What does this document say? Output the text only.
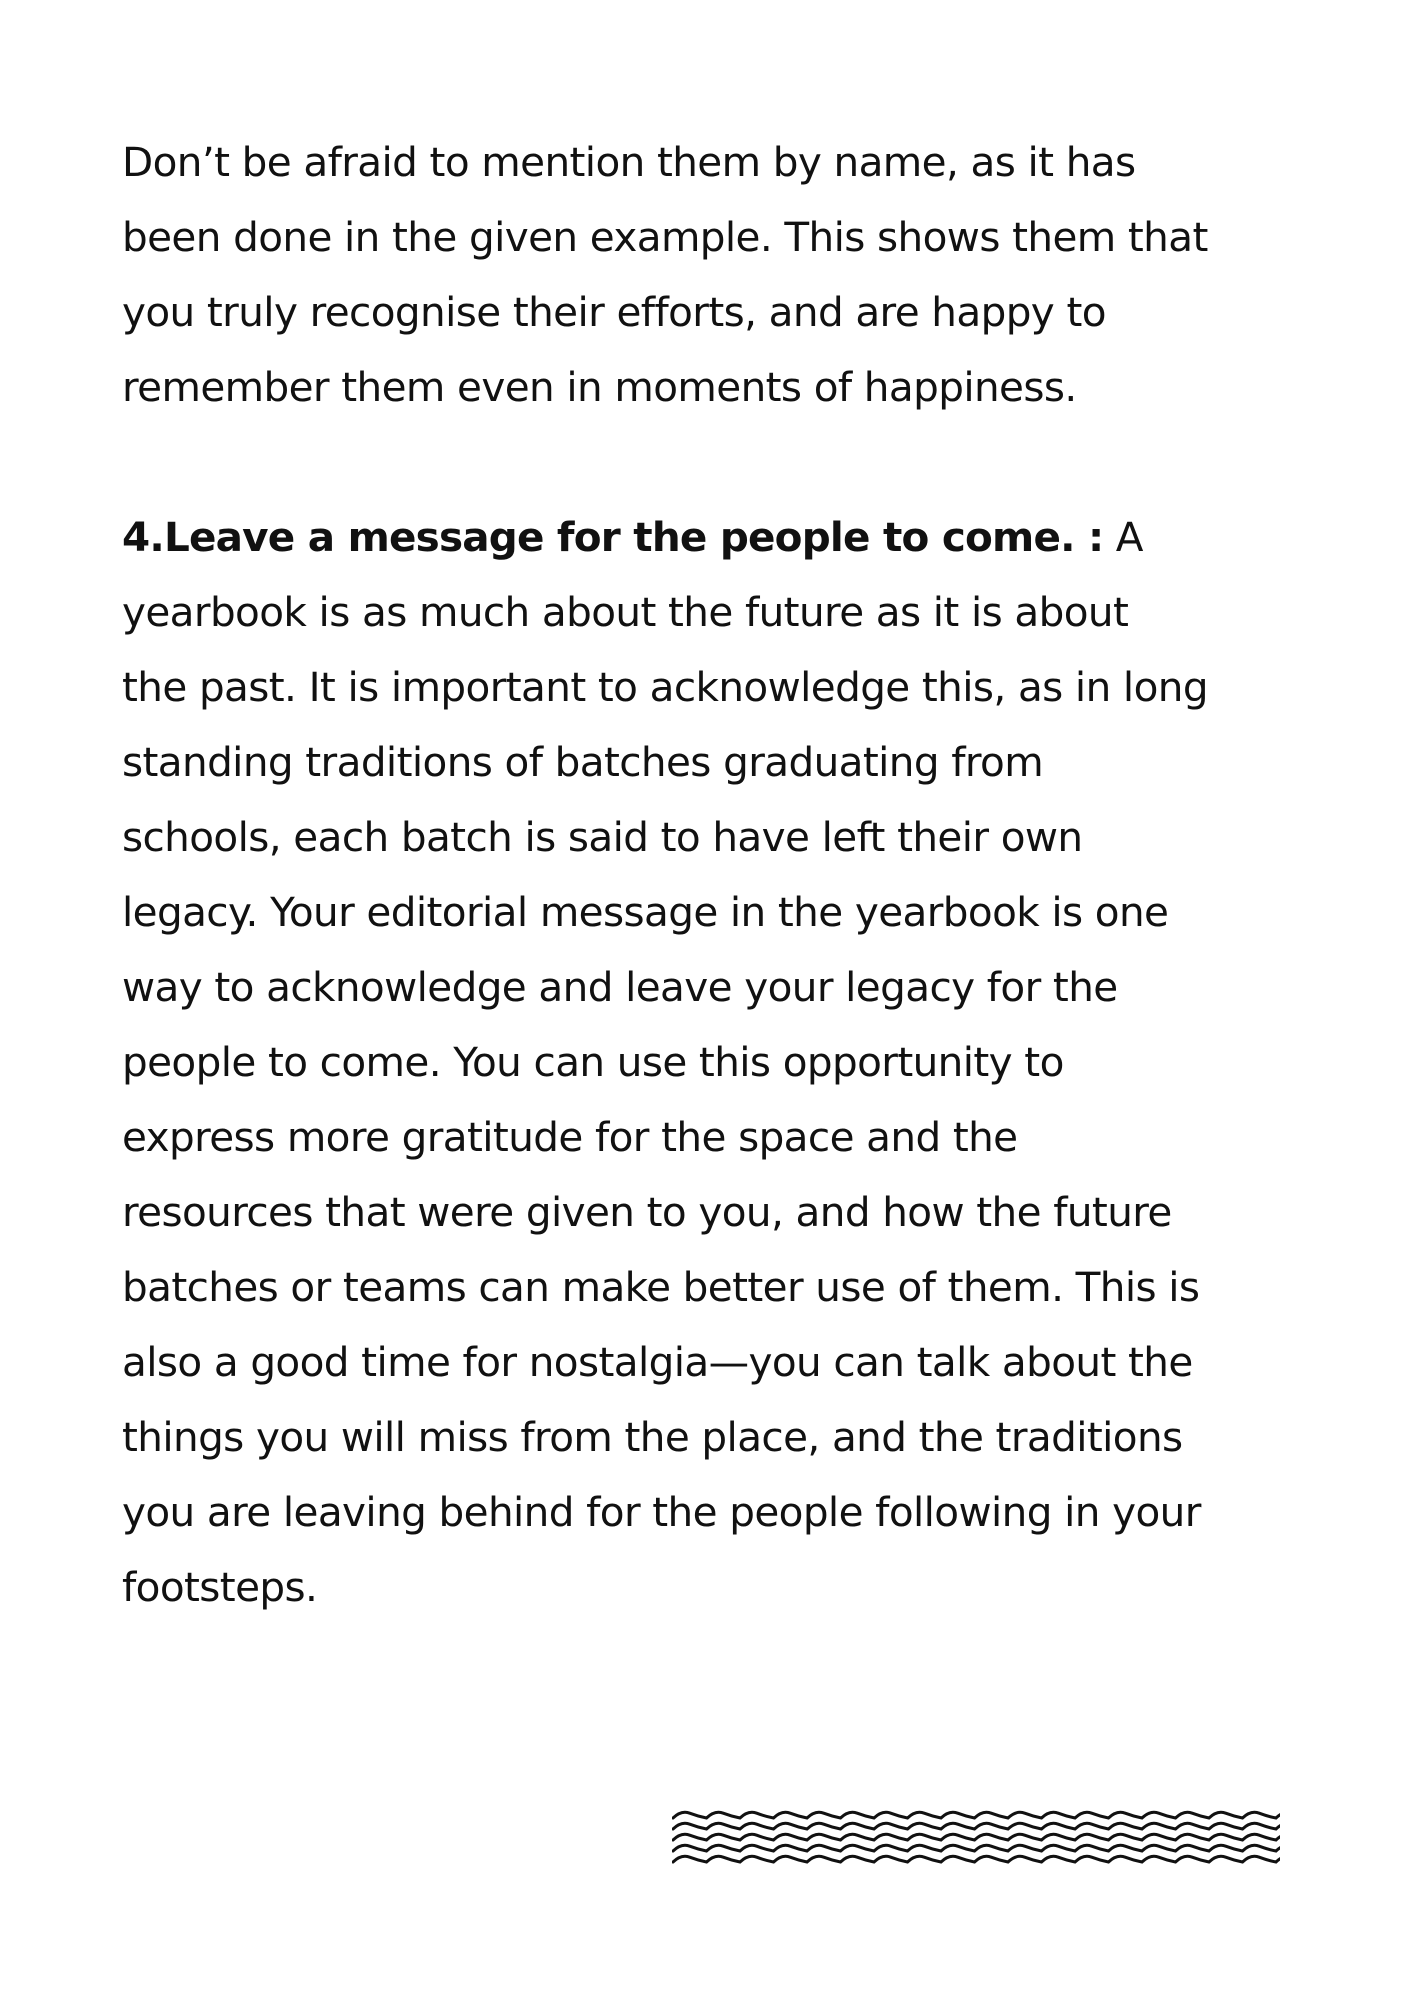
Don’t be afraid to mention them by name, as it has
been done in the given example. This shows them that
you truly recognise their efforts, and are happy to
remember them even in moments of happiness.

4.Leave a message for the people to come. : A
yearbook is as much about the future as it is about
the past. It is important to acknowledge this, as in long
standing traditions of batches graduating from
schools, each batch is said to have left their own
legacy. Your editorial message in the yearbook is one
way to acknowledge and leave your legacy for the
people to come. You can use this opportunity to
express more gratitude for the space and the
resources that were given to you, and how the future
batches or teams can make better use of them. This is
also a good time for nostalgia—you can talk about the
things you will miss from the place, and the traditions
you are leaving behind for the people following in your
footsteps.
